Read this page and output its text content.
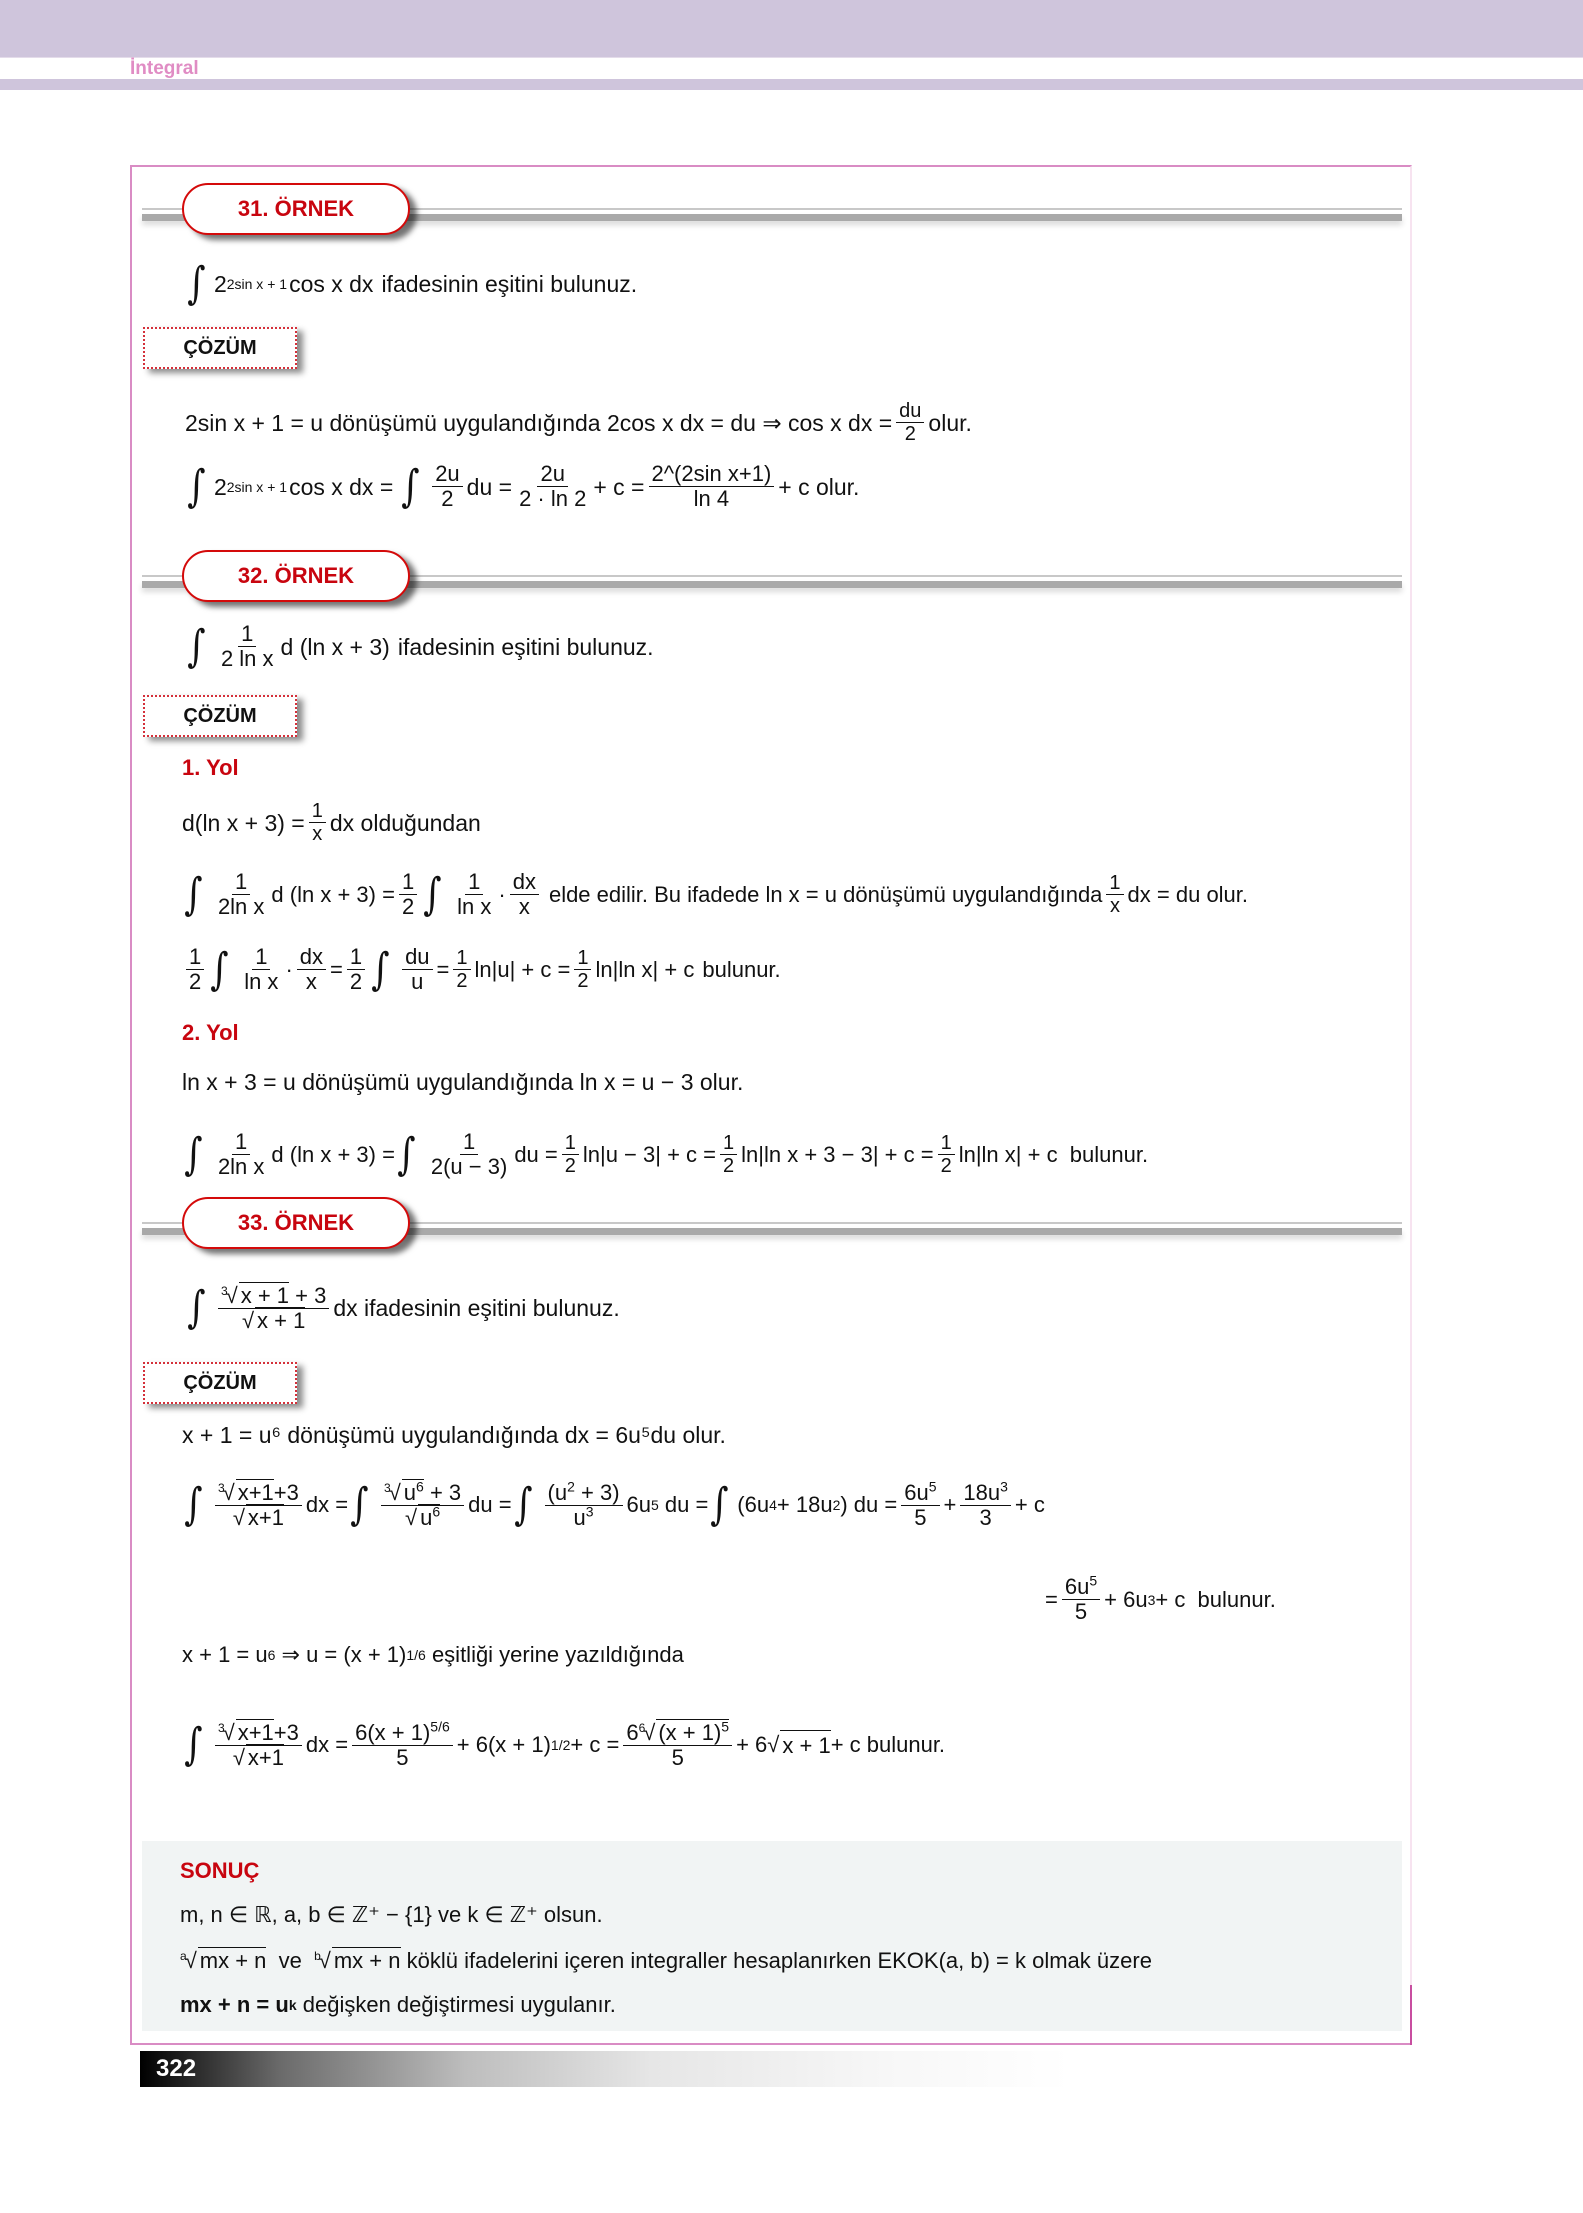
İntegral
31. ÖRNEK
∫ 2 2sin x + 1 cos x dx ifadesinin eşitini bulunuz.
ÇÖZÜM
2sin x + 1 = u dönüşümü uygulandığında 2cos x dx = du ⇒ cos x dx = $\frac{du}{2}$ olur.
∫ 2 2sin x + 1 cos x dx = ∫ $\frac{2u}{2}$ du = $\frac{2u}{2 \cdot \ln 2} + c = \frac{\text{2\textasciicircum{}(2sin x+1)}}{\ln 4} + c$ olur.
32. ÖRNEK
∫ $\frac{1}{\text{2 ln x}}$ d (ln x + 3) ifadesinin eşitini bulunuz.
ÇÖZÜM
1. Yol
d(ln $x + 3) = \frac{1}{x}$ dx olduğundan
∫ $\frac{1}{\text{2ln x}}$ d (ln $x + 3) = \frac{1}{2}$ ∫ $\frac{1}{\text{ln x}} \cdot \frac{dx}{x}$ elde edilir. Bu ifadede ln x = u dönüşümü uygulandığında $\frac{1}{x}$ dx = du olur.
$\frac{1}{2}$ ∫ $\frac{1}{\text{ln x}} \cdot \frac{dx}{x} = \frac{1}{2}$ ∫ $\frac{du}{u} = \frac{1}{2} \ln|u| + c = \frac{1}{2} \ln|\ln$ x| + c bulunur.
2. Yol
ln x + 3 = u dönüşümü uygulandığında ln x = u − 3 olur.
∫ $\frac{1}{\text{2ln x}}$ d (ln x + 3) = ∫ $\frac{1}{2(u - 3)}$ du = $\frac{1}{2} \ln|u - 3| + c = \frac{1}{2} \ln|\ln$ $x + 3 - 3| + c = \frac{1}{2} \ln|\ln$ x| + c  bulunur.
33. ÖRNEK
∫ $\frac{^3√ x + 1 + 3}{√ x + 1}$ dx ifadesinin eşitini bulunuz.
ÇÖZÜM
x + 1 = u⁶ dönüşümü uygulandığında dx = 6u⁵du olur.
∫ $\frac{^3√ x+1+3}{√ x+1}$ dx = ∫ $\frac{^3√ u^6 + 3}{√ u^6}$ du = ∫ $\frac{(u^2 + 3)}{u^3} 6u$ 5 du = ∫ (6u 4 + 18u 2 ) du = $\frac{6u^5}{5} + \frac{18u^3}{3} + c$
= $\frac{6u^5}{5} + 6u$ 3 + c  bulunur.
x + 1 = u 6 ⇒ u = (x + 1) 1/6 eşitliği yerine yazıldığında
∫ $\frac{^3√ x+1+3}{√ x+1}$ dx = $\frac{6(x + 1)^{5/6}}{5} + 6(x + 1) 1/2 + c = \frac{6^6√ (x + 1)^5}{5} + 6√$ x + 1 + c bulunur.
SONUÇ
m, n ∈ ℝ, a, b ∈ ℤ⁺ − {1} ve k ∈ ℤ⁺ olsun.
$^a$√ mx + n ve $^b$√ mx + n
köklü ifadelerini içeren integraller hesaplanırken EKOK(a, b) = k olmak üzere
mx + n = u k
değişken değiştirmesi uygulanır.
322
